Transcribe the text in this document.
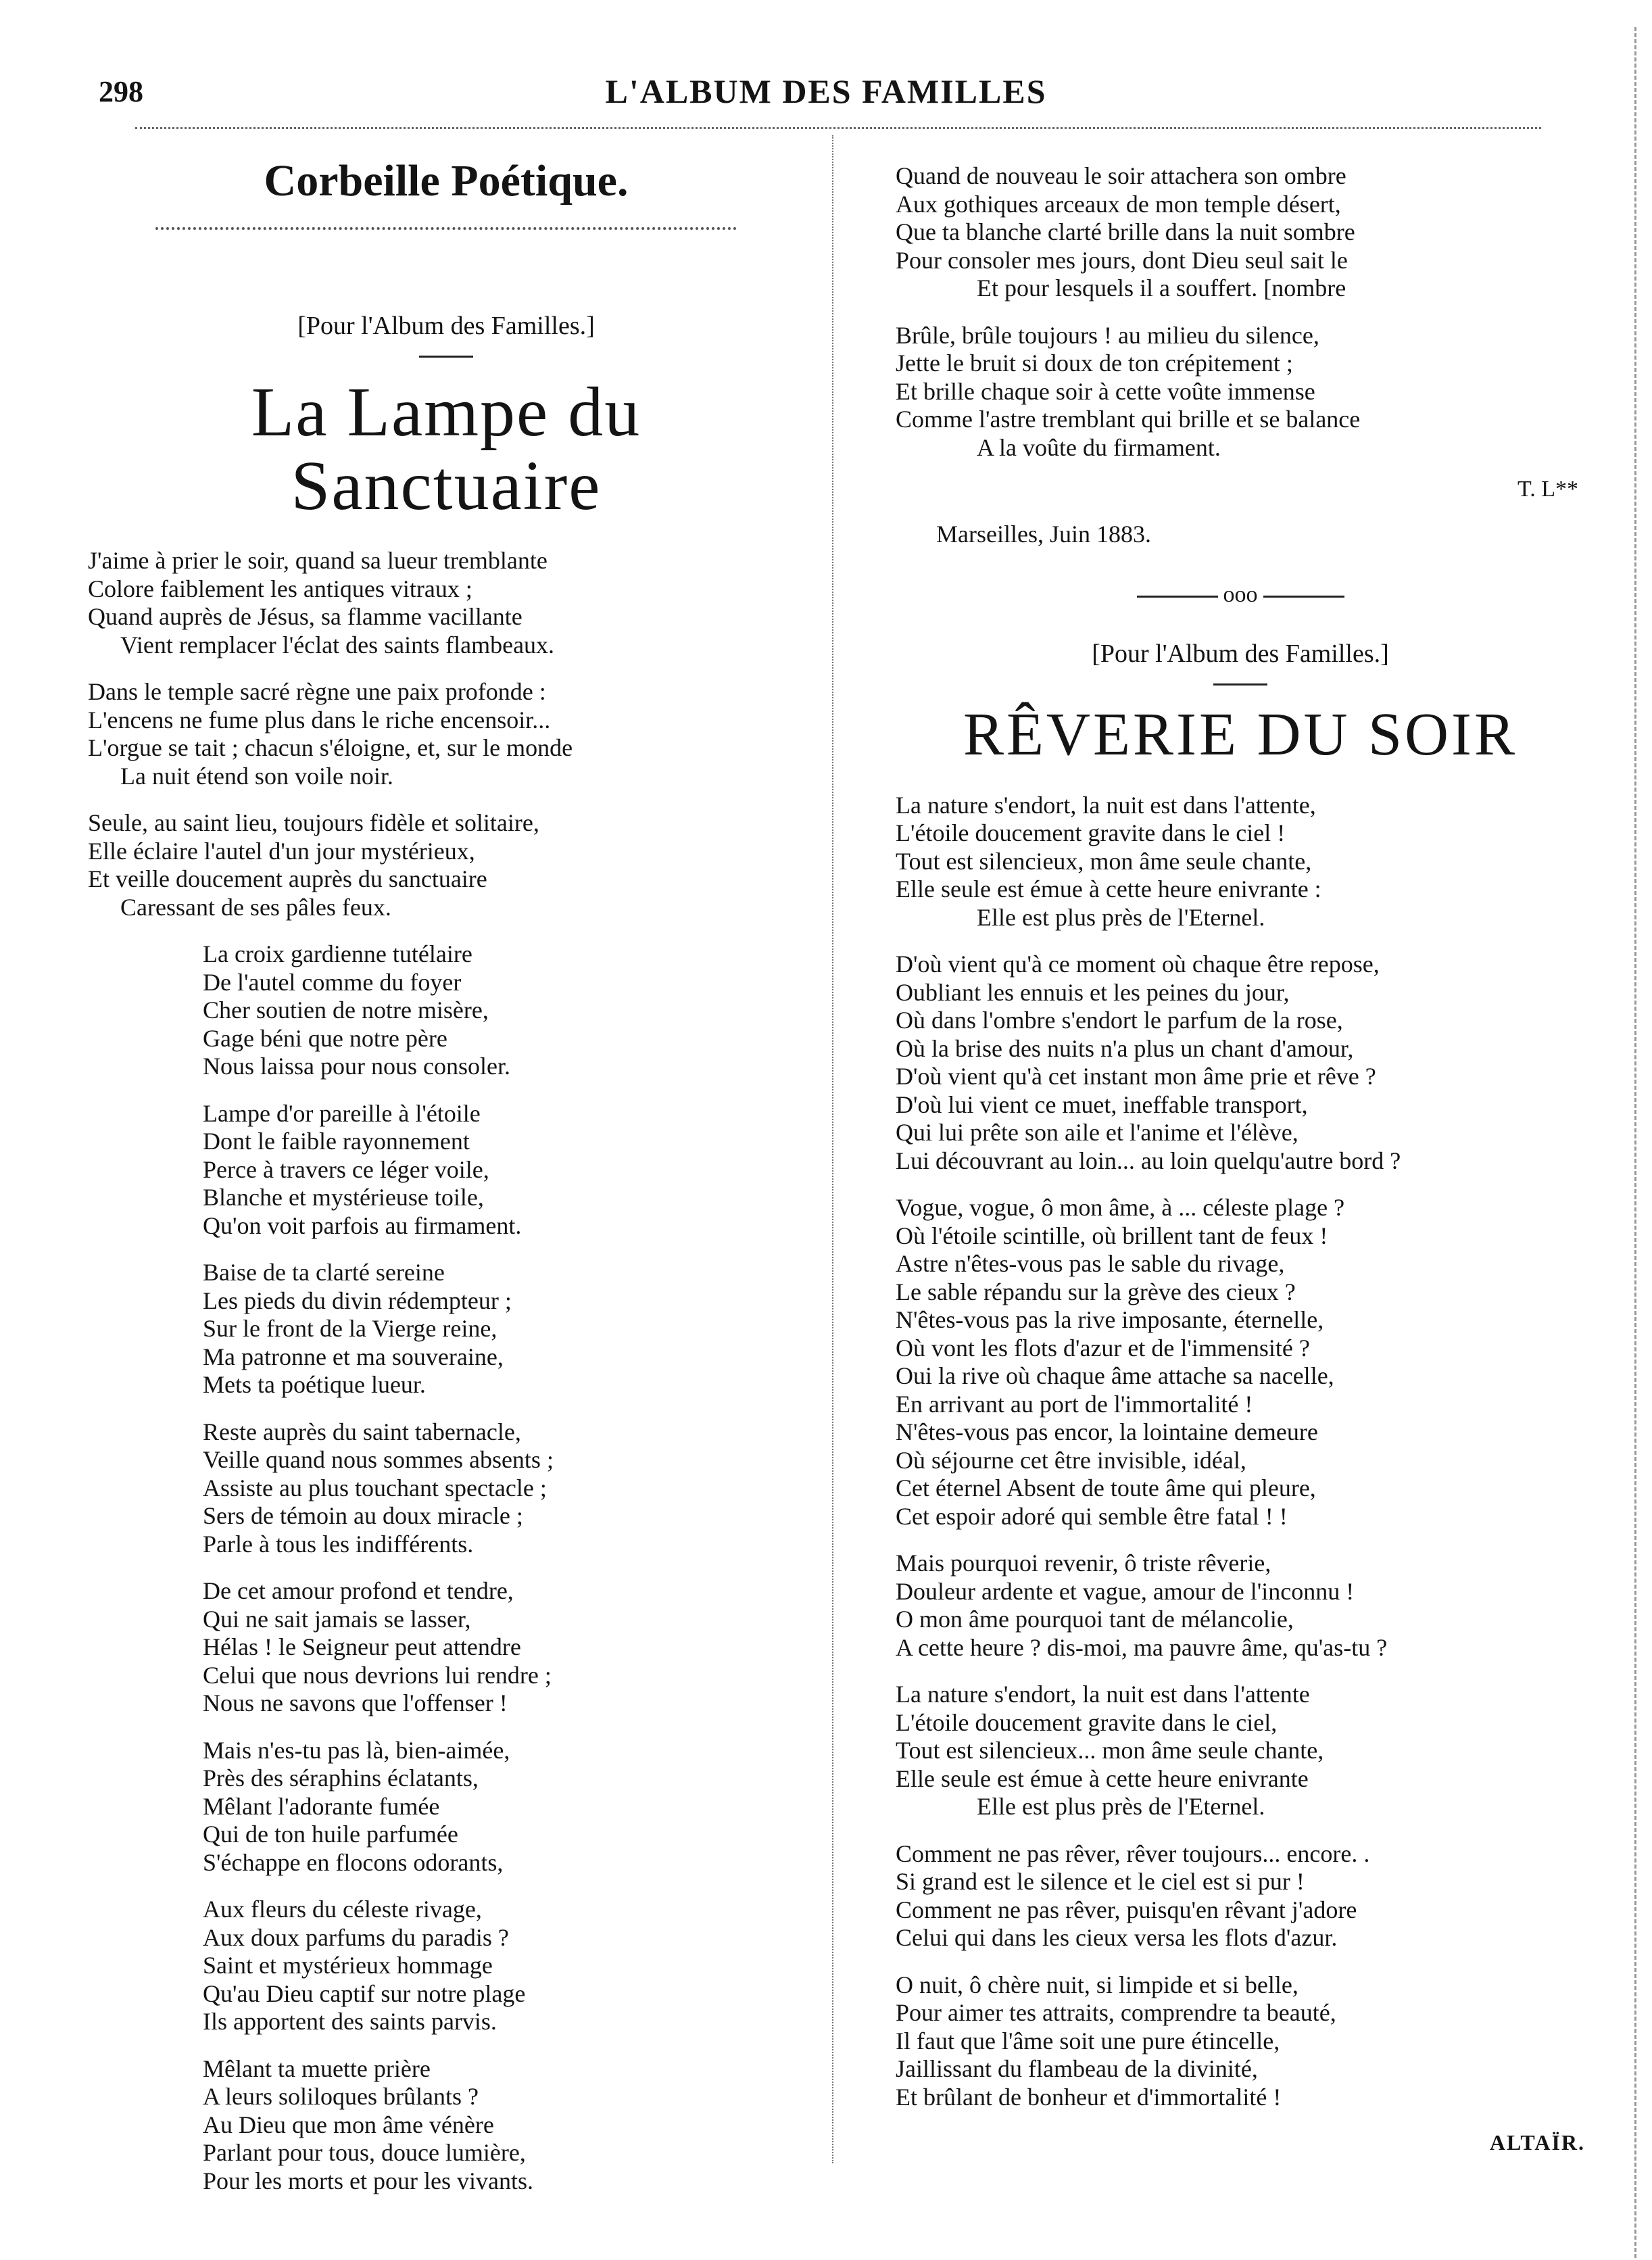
298	L'ALBUM DES FAMILLES
Corbeille Poétique.
[Pour l'Album des Familles.]
La Lampe du Sanctuaire
J'aime à prier le soir, quand sa lueur tremblante
Colore faiblement les antiques vitraux ;
Quand auprès de Jésus, sa flamme vacillante
Vient remplacer l'éclat des saints flambeaux.
Dans le temple sacré règne une paix profonde :
L'encens ne fume plus dans le riche encensoir...
L'orgue se tait ; chacun s'éloigne, et, sur le monde
La nuit étend son voile noir.
Seule, au saint lieu, toujours fidèle et solitaire,
Elle éclaire l'autel d'un jour mystérieux,
Et veille doucement auprès du sanctuaire
Caressant de ses pâles feux.
La croix gardienne tutélaire
De l'autel comme du foyer
Cher soutien de notre misère,
Gage béni que notre père
Nous laissa pour nous consoler.
Lampe d'or pareille à l'étoile
Dont le faible rayonnement
Perce à travers ce léger voile,
Blanche et mystérieuse toile,
Qu'on voit parfois au firmament.
Baise de ta clarté sereine
Les pieds du divin rédempteur ;
Sur le front de la Vierge reine,
Ma patronne et ma souveraine,
Mets ta poétique lueur.
Reste auprès du saint tabernacle,
Veille quand nous sommes absents ;
Assiste au plus touchant spectacle ;
Sers de témoin au doux miracle ;
Parle à tous les indifférents.
De cet amour profond et tendre,
Qui ne sait jamais se lasser,
Hélas ! le Seigneur peut attendre
Celui que nous devrions lui rendre ;
Nous ne savons que l'offenser !
Mais n'es-tu pas là, bien-aimée,
Près des séraphins éclatants,
Mêlant l'adorante fumée
Qui de ton huile parfumée
S'échappe en flocons odorants,
Aux fleurs du céleste rivage,
Aux doux parfums du paradis ?
Saint et mystérieux hommage
Qu'au Dieu captif sur notre plage
Ils apportent des saints parvis.
Mêlant ta muette prière
A leurs soliloques brûlants ?
Au Dieu que mon âme vénère
Parlant pour tous, douce lumière,
Pour les morts et pour les vivants.
Quand de nouveau le soir attachera son ombre
Aux gothiques arceaux de mon temple désert,
Que ta blanche clarté brille dans la nuit sombre
Pour consoler mes jours, dont Dieu seul sait le
Et pour lesquels il a souffert. [nombre
Brûle, brûle toujours ! au milieu du silence,
Jette le bruit si doux de ton crépitement ;
Et brille chaque soir à cette voûte immense
Comme l'astre tremblant qui brille et se balance
A la voûte du firmament.
T. L**
Marseilles, Juin 1883.
ooo
[Pour l'Album des Familles.]
RÊVERIE DU SOIR
La nature s'endort, la nuit est dans l'attente,
L'étoile doucement gravite dans le ciel !
Tout est silencieux, mon âme seule chante,
Elle seule est émue à cette heure enivrante :
Elle est plus près de l'Eternel.
D'où vient qu'à ce moment où chaque être repose,
Oubliant les ennuis et les peines du jour,
Où dans l'ombre s'endort le parfum de la rose,
Où la brise des nuits n'a plus un chant d'amour,
D'où vient qu'à cet instant mon âme prie et rêve ?
D'où lui vient ce muet, ineffable transport,
Qui lui prête son aile et l'anime et l'élève,
Lui découvrant au loin... au loin quelqu'autre bord ?
Vogue, vogue, ô mon âme, à ... céleste plage ?
Où l'étoile scintille, où brillent tant de feux !
Astre n'êtes-vous pas le sable du rivage,
Le sable répandu sur la grève des cieux ?
N'êtes-vous pas la rive imposante, éternelle,
Où vont les flots d'azur et de l'immensité ?
Oui la rive où chaque âme attache sa nacelle,
En arrivant au port de l'immortalité !
N'êtes-vous pas encor, la lointaine demeure
Où séjourne cet être invisible, idéal,
Cet éternel Absent de toute âme qui pleure,
Cet espoir adoré qui semble être fatal ! !
Mais pourquoi revenir, ô triste rêverie,
Douleur ardente et vague, amour de l'inconnu !
O mon âme pourquoi tant de mélancolie,
A cette heure ? dis-moi, ma pauvre âme, qu'as-tu ?
La nature s'endort, la nuit est dans l'attente
L'étoile doucement gravite dans le ciel,
Tout est silencieux... mon âme seule chante,
Elle seule est émue à cette heure enivrante
Elle est plus près de l'Eternel.
Comment ne pas rêver, rêver toujours... encore. .
Si grand est le silence et le ciel est si pur !
Comment ne pas rêver, puisqu'en rêvant j'adore
Celui qui dans les cieux versa les flots d'azur.
O nuit, ô chère nuit, si limpide et si belle,
Pour aimer tes attraits, comprendre ta beauté,
Il faut que l'âme soit une pure étincelle,
Jaillissant du flambeau de la divinité,
Et brûlant de bonheur et d'immortalité !
ALTAÏR.
